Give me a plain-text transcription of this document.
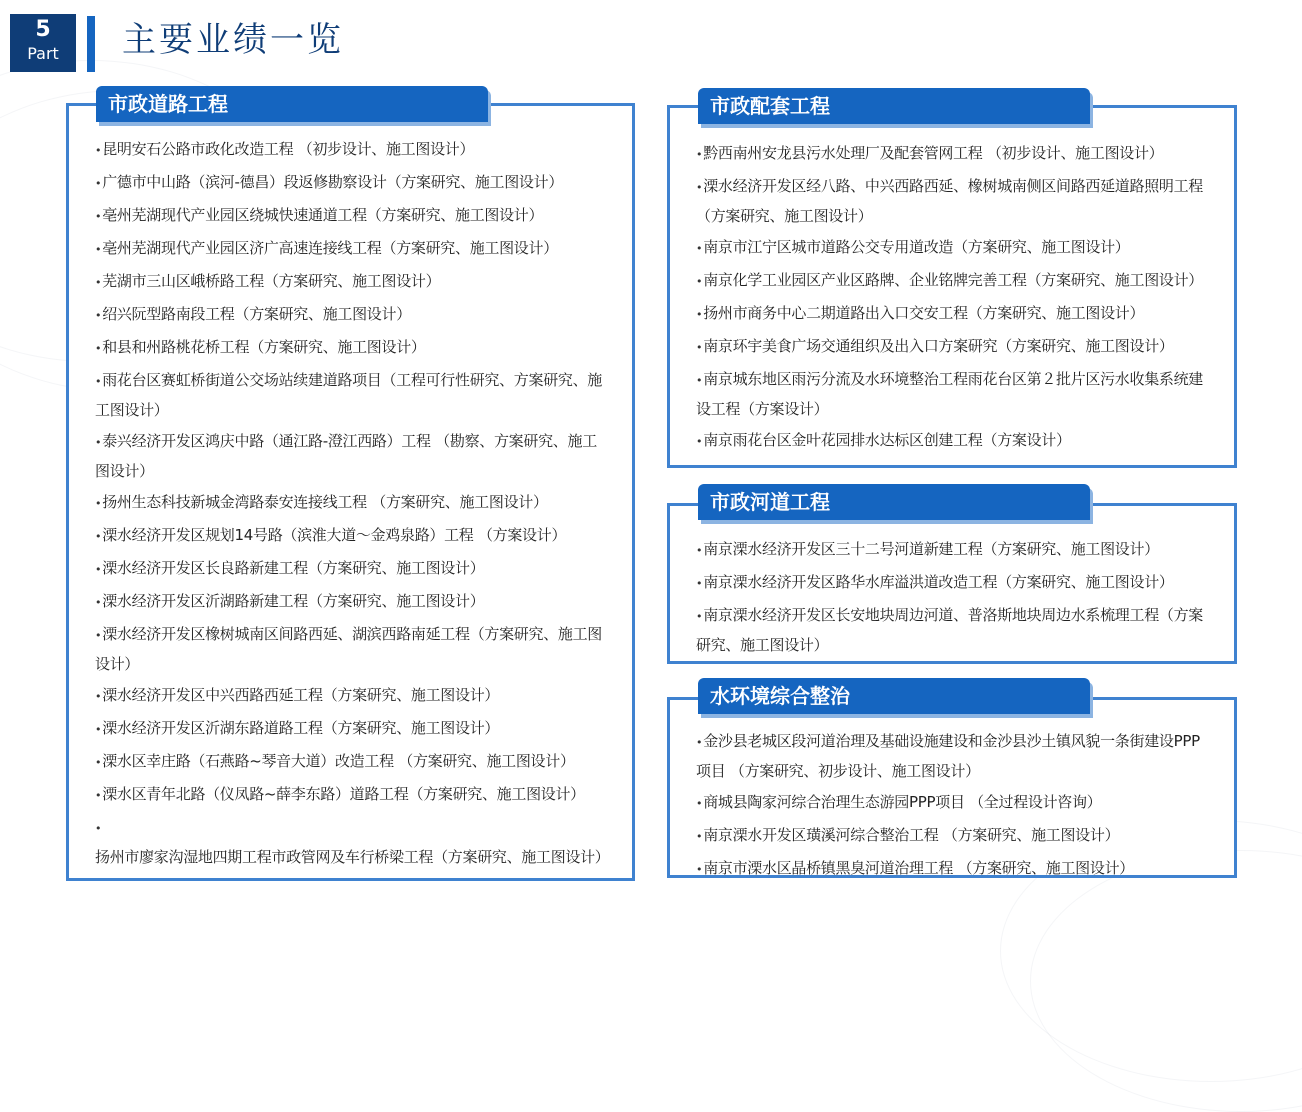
5
Part	主要业绩一览
• 昆明安石公路市政化改造工程 （初步设计、施工图设计）
• 广德市中山路（滨河-德昌）段返修勘察设计（方案研究、施工图设计）
• 亳州芜湖现代产业园区绕城快速通道工程（方案研究、施工图设计）
• 亳州芜湖现代产业园区济广高速连接线工程（方案研究、施工图设计）
• 芜湖市三山区峨桥路工程（方案研究、施工图设计）
• 绍兴阮型路南段工程（方案研究、施工图设计）
• 和县和州路桃花桥工程（方案研究、施工图设计）
• 雨花台区赛虹桥街道公交场站续建道路项目（工程可行性研究、方案研究、施工图设计）
• 泰兴经济开发区鸿庆中路（通江路-澄江西路）工程 （勘察、方案研究、施工图设计）
• 扬州生态科技新城金湾路泰安连接线工程 （方案研究、施工图设计）
• 溧水经济开发区规划14号路（滨淮大道～金鸡泉路）工程 （方案设计）
• 溧水经济开发区长良路新建工程（方案研究、施工图设计）
• 溧水经济开发区沂湖路新建工程（方案研究、施工图设计）
• 溧水经济开发区橡树城南区间路西延、湖滨西路南延工程（方案研究、施工图设计）
• 溧水经济开发区中兴西路西延工程（方案研究、施工图设计）
• 溧水经济开发区沂湖东路道路工程（方案研究、施工图设计）
• 溧水区幸庄路（石燕路~琴音大道）改造工程 （方案研究、施工图设计）
• 溧水区青年北路（仪凤路~薛李东路）道路工程（方案研究、施工图设计）
• 扬州市廖家沟湿地四期工程市政管网及车行桥梁工程（方案研究、施工图设计）
市政道路工程
• 黔西南州安龙县污水处理厂及配套管网工程 （初步设计、施工图设计）
• 溧水经济开发区经八路、中兴西路西延、橡树城南侧区间路西延道路照明工程（方案研究、施工图设计）
• 南京市江宁区城市道路公交专用道改造（方案研究、施工图设计）
• 南京化学工业园区产业区路牌、企业铭牌完善工程（方案研究、施工图设计）
• 扬州市商务中心二期道路出入口交安工程（方案研究、施工图设计）
• 南京环宇美食广场交通组织及出入口方案研究（方案研究、施工图设计）
• 南京城东地区雨污分流及水环境整治工程雨花台区第２批片区污水收集系统建设工程（方案设计）
• 南京雨花台区金叶花园排水达标区创建工程（方案设计）
市政配套工程
• 南京溧水经济开发区三十二号河道新建工程（方案研究、施工图设计）
• 南京溧水经济开发区路华水库溢洪道改造工程（方案研究、施工图设计）
• 南京溧水经济开发区长安地块周边河道、普洛斯地块周边水系梳理工程（方案研究、施工图设计）
市政河道工程
• 金沙县老城区段河道治理及基础设施建设和金沙县沙土镇风貌一条街建设PPP项目 （方案研究、初步设计、施工图设计）
• 商城县陶家河综合治理生态游园PPP项目 （全过程设计咨询）
• 南京溧水开发区璜溪河综合整治工程 （方案研究、施工图设计）
• 南京市溧水区晶桥镇黑臭河道治理工程 （方案研究、施工图设计）
水环境综合整治
